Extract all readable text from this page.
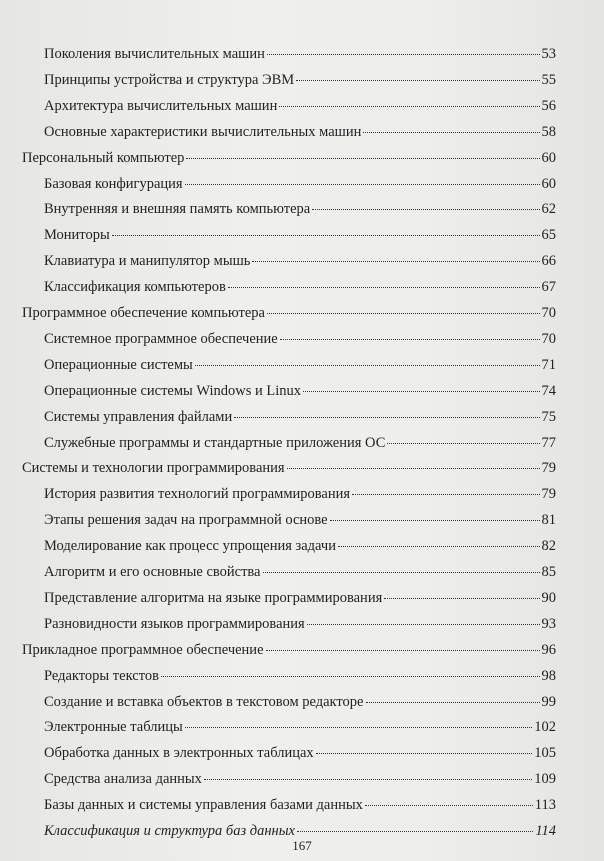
Поколения вычислительных машин	53
Принципы устройства и структура ЭВМ	55
Архитектура вычислительных машин	56
Основные характеристики вычислительных машин	58
Персональный компьютер	60
Базовая конфигурация	60
Внутренняя и внешняя память компьютера	62
Мониторы	65
Клавиатура и манипулятор мышь	66
Классификация компьютеров	67
Программное обеспечение компьютера	70
Системное программное обеспечение	70
Операционные системы	71
Операционные системы Windows и Linux	74
Системы управления файлами	75
Служебные программы и стандартные приложения ОС	77
Системы и технологии программирования	79
История развития технологий программирования	79
Этапы решения задач на программной основе	81
Моделирование как процесс упрощения задачи	82
Алгоритм и его основные свойства	85
Представление алгоритма на языке программирования	90
Разновидности языков программирования	93
Прикладное программное обеспечение	96
Редакторы текстов	98
Создание и вставка объектов в текстовом редакторе	99
Электронные таблицы	102
Обработка данных в электронных таблицах	105
Средства анализа данных	109
Базы данных и системы управления базами данных	113
Классификация и структура баз данных	114
167
